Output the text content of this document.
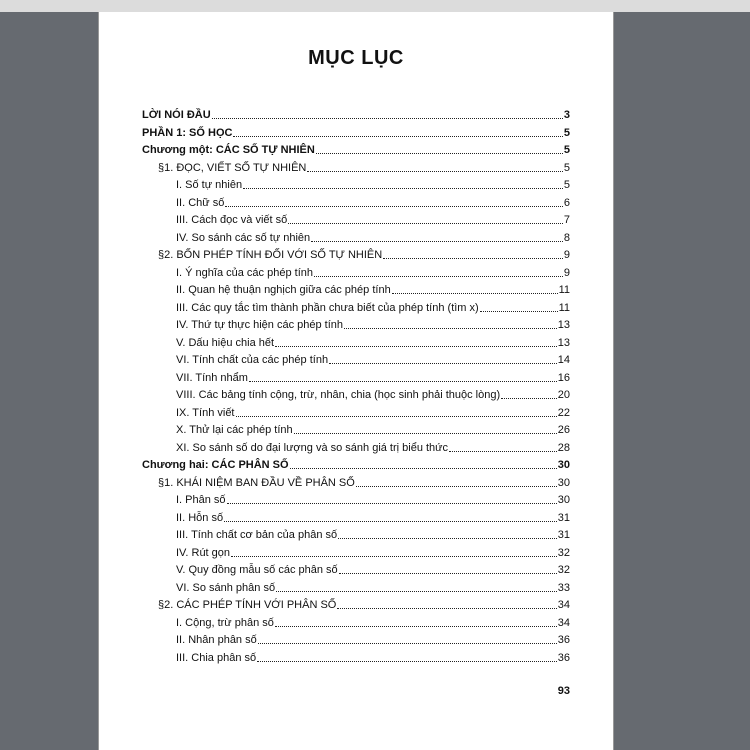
MỤC LỤC
LỜI NÓI ĐẦU	3
PHẦN 1: SỐ HỌC	5
Chương một: CÁC SỐ TỰ NHIÊN	5
§1. ĐỌC, VIẾT SỐ TỰ NHIÊN	5
I. Số tự nhiên	5
II. Chữ số	6
III. Cách đọc và viết số	7
IV. So sánh các số tự nhiên	8
§2. BỐN PHÉP TÍNH ĐỐI VỚI SỐ TỰ NHIÊN	9
I. Ý nghĩa của các phép tính	9
II. Quan hệ thuận nghịch giữa các phép tính	11
III. Các quy tắc tìm thành phần chưa biết của phép tính (tìm x)	11
IV. Thứ tự thực hiện các phép tính	13
V. Dấu hiệu chia hết	13
VI. Tính chất của các phép tính	14
VII. Tính nhẩm	16
VIII. Các bảng tính cộng, trừ, nhân, chia (học sinh phải thuộc lòng)	20
IX. Tính viết	22
X. Thử lại các phép tính	26
XI. So sánh số do đại lượng và so sánh giá trị biểu thức	28
Chương hai: CÁC PHÂN SỐ	30
§1. KHÁI NIỆM BAN ĐẦU VỀ PHÂN SỐ	30
I. Phân số	30
II. Hỗn số	31
III. Tính chất cơ bản của phân số	31
IV. Rút gọn	32
V. Quy đồng mẫu số các phân số	32
VI. So sánh phân số	33
§2. CÁC PHÉP TÍNH VỚI PHÂN SỐ	34
I. Cộng, trừ phân số	34
II. Nhân phân số	36
III. Chia phân số	36
93
